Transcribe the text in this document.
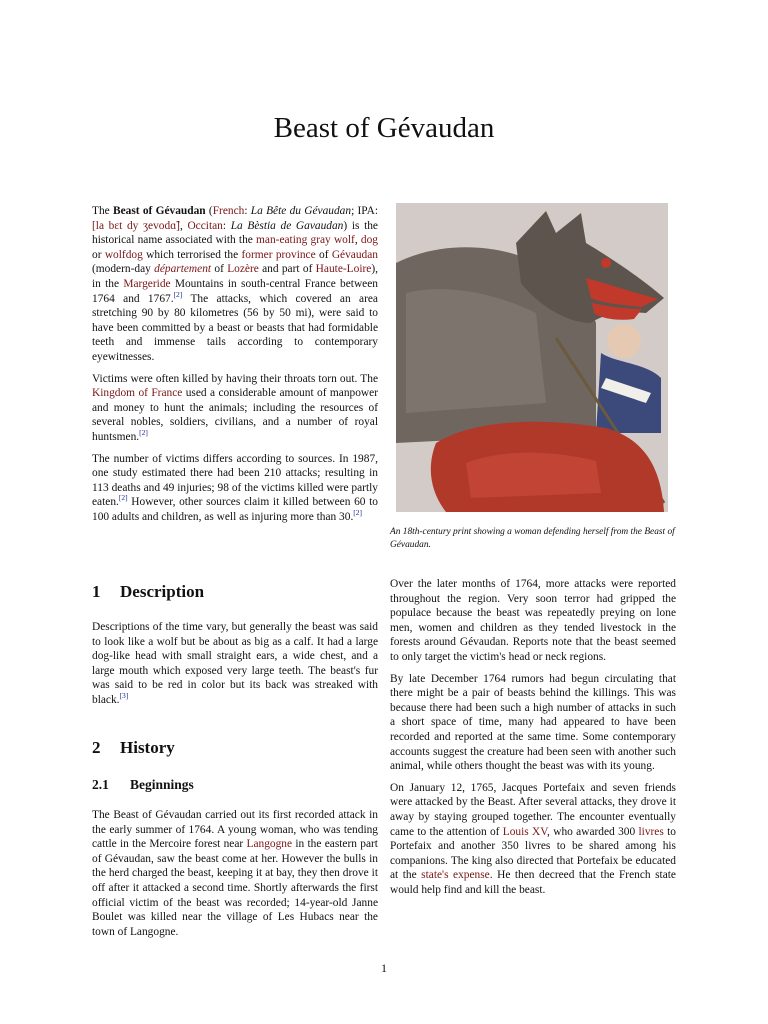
Beast of Gévaudan

The Beast of Gévaudan (French: La Bête du Gévaudan; IPA: [la bɛt dy ʒevodɑ̃], Occitan: La Bèstia de Gavaudan) is the historical name associated with the man-eating gray wolf, dog or wolfdog which terrorised the former province of Gévaudan (modern-day département of Lozère and part of Haute-Loire), in the Margeride Mountains in south-central France between 1764 and 1767.[2] The attacks, which covered an area stretching 90 by 80 kilometres (56 by 50 mi), were said to have been committed by a beast or beasts that had formidable teeth and immense tails according to contemporary eyewitnesses.

Victims were often killed by having their throats torn out. The Kingdom of France used a considerable amount of manpower and money to hunt the animals; including the resources of several nobles, soldiers, civilians, and a number of royal huntsmen.[2]

The number of victims differs according to sources. In 1987, one study estimated there had been 210 attacks; resulting in 113 deaths and 49 injuries; 98 of the victims killed were partly eaten.[2] However, other sources claim it killed between 60 to 100 adults and children, as well as injuring more than 30.[2]

An 18th-century print showing a woman defending herself from the Beast of Gévaudan.
1 Description

Descriptions of the time vary, but generally the beast was said to look like a wolf but be about as big as a calf. It had a large dog-like head with small straight ears, a wide chest, and a large mouth which exposed very large teeth. The beast's fur was said to be red in color but its back was streaked with black.[3]

2 History
2.1 Beginnings

The Beast of Gévaudan carried out its first recorded attack in the early summer of 1764. A young woman, who was tending cattle in the Mercoire forest near Langogne in the eastern part of Gévaudan, saw the beast come at her. However the bulls in the herd charged the beast, keeping it at bay, they then drove it off after it attacked a second time. Shortly afterwards the first official victim of the beast was recorded; 14-year-old Janne Boulet was killed near the village of Les Hubacs near the town of Langogne.

Over the later months of 1764, more attacks were reported throughout the region. Very soon terror had gripped the populace because the beast was repeatedly preying on lone men, women and children as they tended livestock in the forests around Gévaudan. Reports note that the beast seemed to only target the victim's head or neck regions.

By late December 1764 rumors had begun circulating that there might be a pair of beasts behind the killings. This was because there had been such a high number of attacks in such a short space of time, many had appeared to have been recorded and reported at the same time. Some contemporary accounts suggest the creature had been seen with another such animal, while others thought the beast was with its young.

On January 12, 1765, Jacques Portefaix and seven friends were attacked by the Beast. After several attacks, they drove it away by staying grouped together. The encounter eventually came to the attention of Louis XV, who awarded 300 livres to Portefaix and another 350 livres to be shared among his companions. The king also directed that Portefaix be educated at the state's expense. He then decreed that the French state would help find and kill the beast.

1
